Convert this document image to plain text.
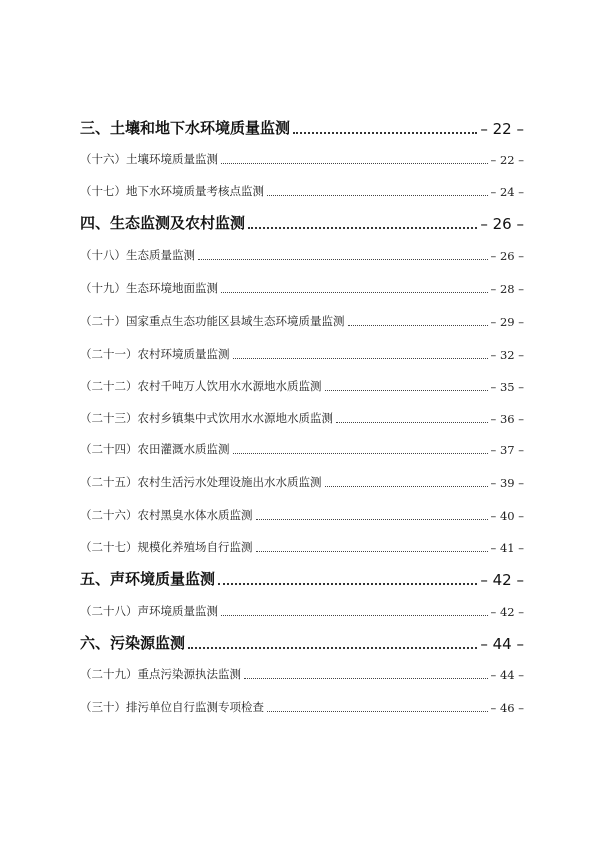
三、土壤和地下水环境质量监测	– 22 –
（十六）土壤环境质量监测	– 22 –
（十七）地下水环境质量考核点监测	– 24 –
四、生态监测及农村监测	– 26 –
（十八）生态质量监测	– 26 –
（十九）生态环境地面监测	– 28 –
（二十）国家重点生态功能区县域生态环境质量监测	– 29 –
（二十一）农村环境质量监测	– 32 –
（二十二）农村千吨万人饮用水水源地水质监测	– 35 –
（二十三）农村乡镇集中式饮用水水源地水质监测	– 36 –
（二十四）农田灌溉水质监测	– 37 –
（二十五）农村生活污水处理设施出水水质监测	– 39 –
（二十六）农村黑臭水体水质监测	– 40 –
（二十七）规模化养殖场自行监测	– 41 –
五、声环境质量监测	– 42 –
（二十八）声环境质量监测	– 42 –
六、污染源监测	– 44 –
（二十九）重点污染源执法监测	– 44 –
（三十）排污单位自行监测专项检查	– 46 –
